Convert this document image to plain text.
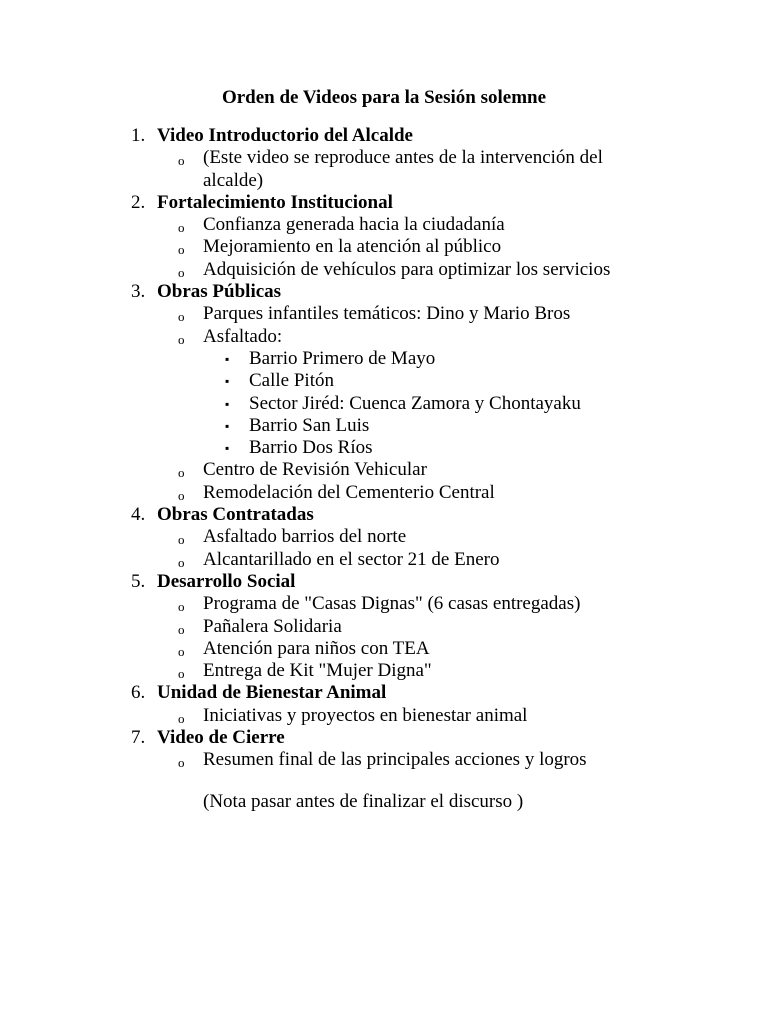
Orden de Videos para la Sesión solemne
1. Video Introductorio del Alcalde
o (Este video se reproduce antes de la intervención del alcalde)
2. Fortalecimiento Institucional
o Confianza generada hacia la ciudadanía
o Mejoramiento en la atención al público
o Adquisición de vehículos para optimizar los servicios
3. Obras Públicas
o Parques infantiles temáticos: Dino y Mario Bros
o Asfaltado:
▪ Barrio Primero de Mayo
▪ Calle Pitón
▪ Sector Jiréd: Cuenca Zamora y Chontayaku
▪ Barrio San Luis
▪ Barrio Dos Ríos
o Centro de Revisión Vehicular
o Remodelación del Cementerio Central
4. Obras Contratadas
o Asfaltado barrios del norte
o Alcantarillado en el sector 21 de Enero
5. Desarrollo Social
o Programa de "Casas Dignas" (6 casas entregadas)
o Pañalera Solidaria
o Atención para niños con TEA
o Entrega de Kit "Mujer Digna"
6. Unidad de Bienestar Animal
o Iniciativas y proyectos en bienestar animal
7. Video de Cierre
o Resumen final de las principales acciones y logros

(Nota pasar antes de finalizar el discurso )
